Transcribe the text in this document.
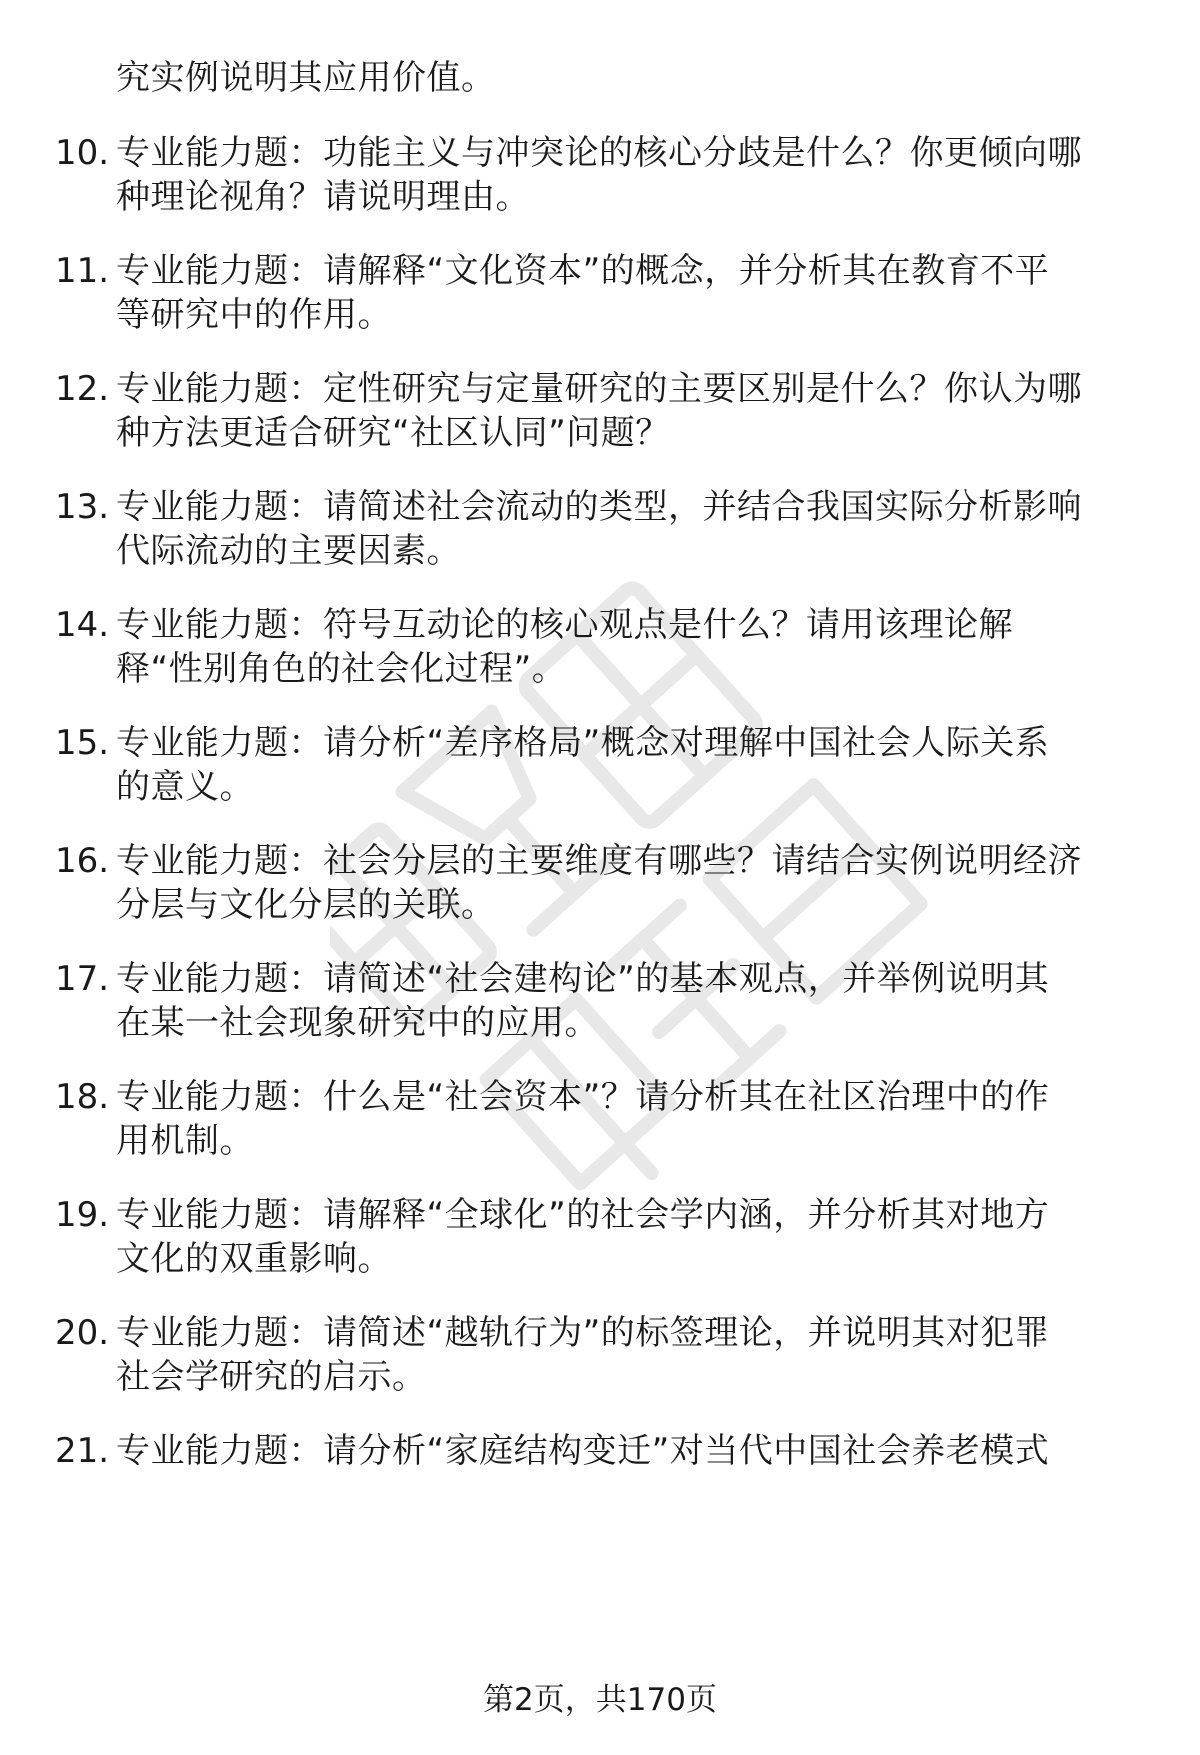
究实例说明其应用价值。
10. 专业能力题：功能主义与冲突论的核心分歧是什么？你更倾向哪
种理论视角？请说明理由。
11. 专业能力题：请解释“文化资本”的概念，并分析其在教育不平
等研究中的作用。
12. 专业能力题：定性研究与定量研究的主要区别是什么？你认为哪
种方法更适合研究“社区认同”问题？
13. 专业能力题：请简述社会流动的类型，并结合我国实际分析影响
代际流动的主要因素。
14. 专业能力题：符号互动论的核心观点是什么？请用该理论解
释“性别角色的社会化过程”。
15. 专业能力题：请分析“差序格局”概念对理解中国社会人际关系
的意义。
16. 专业能力题：社会分层的主要维度有哪些？请结合实例说明经济
分层与文化分层的关联。
17. 专业能力题：请简述“社会建构论”的基本观点，并举例说明其
在某一社会现象研究中的应用。
18. 专业能力题：什么是“社会资本”？请分析其在社区治理中的作
用机制。
19. 专业能力题：请解释“全球化”的社会学内涵，并分析其对地方
文化的双重影响。
20. 专业能力题：请简述“越轨行为”的标签理论，并说明其对犯罪
社会学研究的启示。
21. 专业能力题：请分析“家庭结构变迁”对当代中国社会养老模式
第2页，共170页
